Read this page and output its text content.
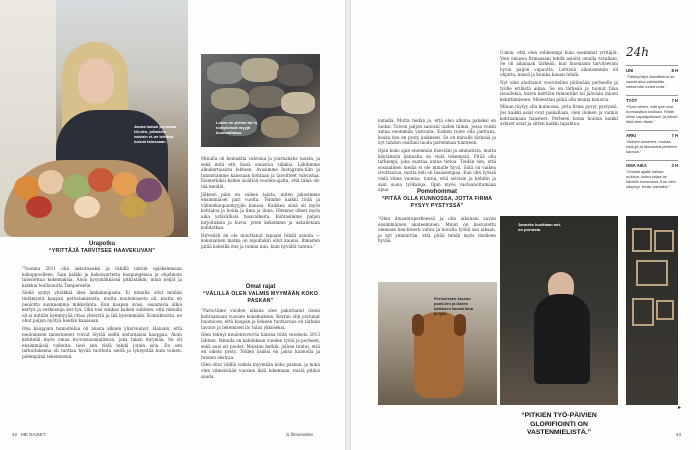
Janna halusi perustaa töi-den, jollaisha vaivoin ei-ne tehtävä luonat talossaan.
Lukee on pehmi tai hi, nokyksissä myyjä kuunnallaksa.
Urapolku
“YRITTÄJÄ TARVITSEE HAAVEKUVAN”

“Vuonna 2011 olin aakutissaksi ja vähillä laitoin opiskelemaan kokoppoolleen. Sain kaikki ja kaksiwartetta kaupungeissa ja ohjelmoin tulostettaa kokemaksia. Aloin kysymähkässä pitkästäkin, minä neljät ja kaikkia teollisuutta Tampereelle.

Siellä syntyi yhtäkkiä idea lankakaupasta. Ei minulla ollut mitään tietämystä kaupan perustamisesta, mutta neulomisesta oli, mutta en neulottu suunnomma mikkolänta. Kun kaupan avasi, osaamisia alkoi kertyä ja verkostoja ker-tyä. Olin tosi sinikas kaiken suhteen, että minulla oli-si mitään kymmyyää ottaa yhteyttä ja ikä kyselemään. Kontaktoista, ne ohut paljon hyötyä heidän kanssaan.

Ona kauppani hinnoitelua oli alusta alkaen yliarvioinut. Haluain, että neulomisen innostuneet voivat löytää sieltä sieluntaisia kauppaa. Aloin kehitellä myös omaa ku-toisuusmallistoa, joka tukisi myymää. Se oli ensimmäisiä vaiheita: tiesi sen vielä tehdä jotain isoa. En sen tarkoituksena oli tuottaa hyvää tuotteita sieltä ja tyksyntää kuin toinen. pidempänä tekemisenä.

Minulla oli kontaktia vahvana ja journalistis tausta, ja sekä mitä etti tässä onnistua vähiksi. Lähilimme alkukertaisista lehteen. Avasimme Instagram-tilin ja tunnistamme kanssaan kohtaan ja tavoitteet vahvistaa. Esimerkiksi kolme sisältöä-vuoden-ajalta, että tämä eli-tää meidät.

Jälkeen päin on vaikea tajuta, miten jaksoimme ensimmäiset pari vuotta. Teimme kaikki töitä ja vähinekaupanmyyjän kanssa. Kaikkea siinä oli myös kohtaloa ja hoida ja ilma ja ilona. Olemme olleet myös aika ystävällisiä tasavalkeita. Kohtasimme paljon kirjoituksia ja kuvia, joten keksimme ja uskalletaan kohdatkaa.

Hirveästi en ole muuttanut tapaani tehdä asioita — kokonainen matka on lopultakin ollut kaunis. Ihmisten pitää kokeilla itse ja toimia niin, kuin hyvältä tuntuu.”

Omat rajat
“VÄLILLÄ OLEN VALMIS MYYMÄÄN KOKO PASKAN”

“Paris-tiime vuoden aikana olen pakottanut itseni kohtaamaan vuosien kokemuksen. Kerran olin joutunut huomioon, että kaupan ja kokeen tuottavuus on tärkein tavoite ja tekemisen ilo tulisi ykköseksi.

Olen tehnyt neulontoverria kanssa töitä vuodesta 2013 lähtien. Minulla on kahdeksan vuoden työtä ja perheen, sekä uusi eri puolet. Muistan hetkiä, jolloin tuntui, että en oikein pysty. Töiden lisäksi en jaksa kunnolla ja tunnen ekstraa.

Olen ollut välillä valmis myymään koko paskan, ja minä olen viimeistään vuosien ikää lukemaan, mistä pitäisi saada.

lomalla. Mutta tiedän jo, että olen alkuna paheksi en luoksi. Toivon paljon saavani uuden tiimin, jossa voisin antaa enemmän vastuuta. Kaiken tulee olla jaettuna, koska itse en pysty kaikkeen. Se on minulle tärkeää ja nyt tahdon osaltani luoda paremman tilanteen.

Opin koko ajan enemmän itsestäni ja ammatista, mutta käytännön kannalta on vielä tekemistä. Pitää olla tarkempi, joka saattaa antaa tietoa. Tiedän sen, että sosiaalinen media ei ole minulle hyvä. Siitä on vaikea irrottautua, mutta keli on tasaisempaa. Kun olin työssä vielä viime vuonna, tuntui, että selvisin ja kehitin ja sain uusia työkaluja. Opin myös vastaanottamaan apua.	Pomohommat
“PITÄÄ OLLA KUNNOSSA, JOTTA FIRMA PYSYY PYSTYSSÄ”

“Olen ilmaantuperheessä ja olin aikanani suvun ensimmäinen akateeminen. Minut on kasvatettu olemaan hen-kisesti vahva ja kovalla työllä saa aikaan, ja nyt ymmärrän, että pitää tehdä myös itselleen hyvää.

Uskon, että olen rohkeampi kuin useimmat yrittäjät. Voin omassa firmassani tehdä asioita omalla tavallani. Se oli aikanaan tärkeää, kun huomasin tarvitsevani hyvin paljon vapautta. Lehtistä aikaisemmin oli ohjattu, missä ja kuinka kauan tehdä.

Nyt olen aloittanut vuorotellen pitämään perheelle ja työlle erillistä aikaa. Se on tärkeää ja tuonut tilaa muullekin, kuten keittiön remontille tai jäävään taloon kehittämiseen. Mielestäni pitää olla monia kanavia.

Minun täytyy olla kunnossa, jotta firma pysyy pystyssä. Jos kaikki asiat ovat paikallaan, olen iloinen ja valmis kohtaamaan haasteet. Perheen luona hoidan kaikki arkiset asiat ja sitten kaikki tapahtuu.

Perheessen kuuluu puoli-ten ja lasten kaikkeen kavrat lima ja tyilti.
Janneke kuvittaan ant-on porrasta.
“PITKIEN TYÖ-PÄIVIEN GLORIFIOINTI ON VASTENMIELISTÄ.”
24h
UNI	8 H
“Tähtiryhdyn tavoitteena on saada aina vähintään seitsemän tuntia unta.”
TYÖT	7 H
“Pyrin siihen, että työt ovat normaalista luokkaa. Pidän kiinni vapaapäivistä, ja joitain töitä teen illalla.”
ARKI	7 H
“Arkiset askareet, ruokaa, sotkuja ja läsnäoloa perheen kanssa.”
OMA AIKA	2 H
“Omalla ajalla haluan nukkua, lukea kirjaa tai kävellä luonnossa. Kun olen väsynyt, levän valmiiksi.”
▸
42 ME NAISET	is.fi/menaiset	43
